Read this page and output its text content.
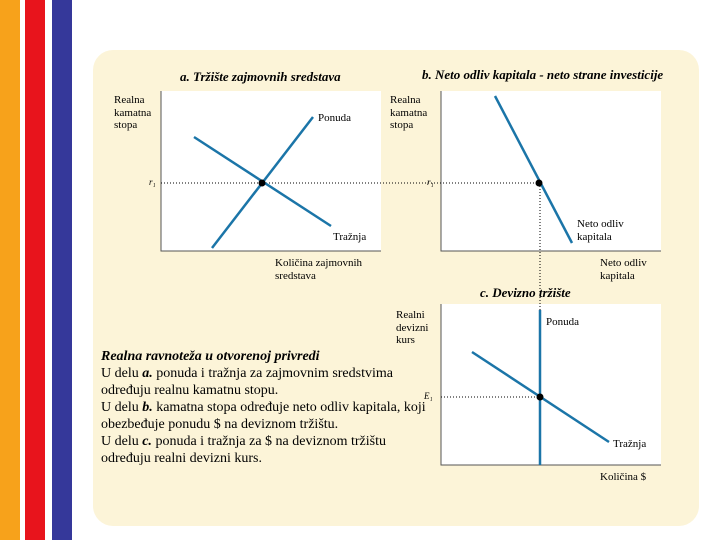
a. Tržište zajmovnih sredstava
Realna
kamatna
stopa
r₁
Ponuda
Tražnja
Količina zajmovnih
sredstava
b. Neto odliv kapitala - neto strane investicije
Realna
kamatna
stopa
r₁
Neto odliv
kapitala
Neto odliv
kapitala
c. Devizno tržište
Realni
devizni
kurs
E₁
Ponuda
Tražnja
Količina $

Realna ravnoteža u otvorenoj privredi

U delu a. ponuda i tražnja za zajmovnim sredstvima određuju realnu kamatnu stopu.

U delu b. kamatna stopa određuje neto odliv kapitala, koji obezbeđuje ponudu $ na deviznom tržištu.

U delu c. ponuda i tražnja za $ na deviznom tržištu određuju realni devizni kurs.
